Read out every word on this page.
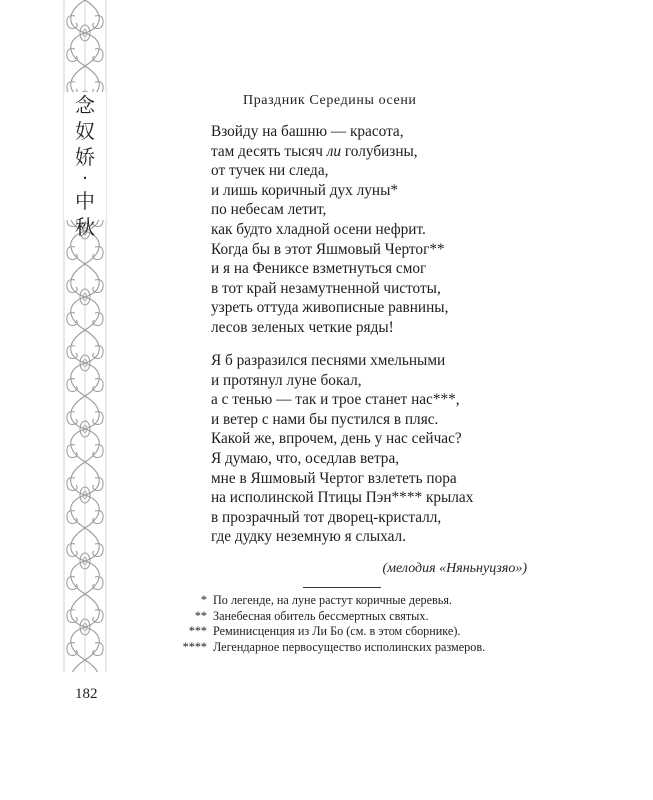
念
奴
娇
·
中
秋
Праздник Середины осени
Взойду на башню — красота,
там десять тысяч ли голубизны,
от тучек ни следа,
и лишь коричный дух луны*
по небесам летит,
как будто хладной осени нефрит.
Когда бы в этот Яшмовый Чертог**
и я на Фениксе взметнуться смог
в тот край незамутненной чистоты,
узреть оттуда живописные равнины,
лесов зеленых четкие ряды!
Я б разразился песнями хмельными
и протянул луне бокал,
а с тенью — так и трое станет нас***,
и ветер с нами бы пустился в пляс.
Какой же, впрочем, день у нас сейчас?
Я думаю, что, оседлав ветра,
мне в Яшмовый Чертог взлететь пора
на исполинской Птицы Пэн**** крылах
в прозрачный тот дворец-кристалл,
где дудку неземную я слыхал.
(мелодия «Няньнуцзяо»)
* По легенде, на луне растут коричные деревья.
** Занебесная обитель бессмертных святых.
*** Реминисценция из Ли Бо (см. в этом сборнике).
**** Легендарное первосущество исполинских размеров.
182
